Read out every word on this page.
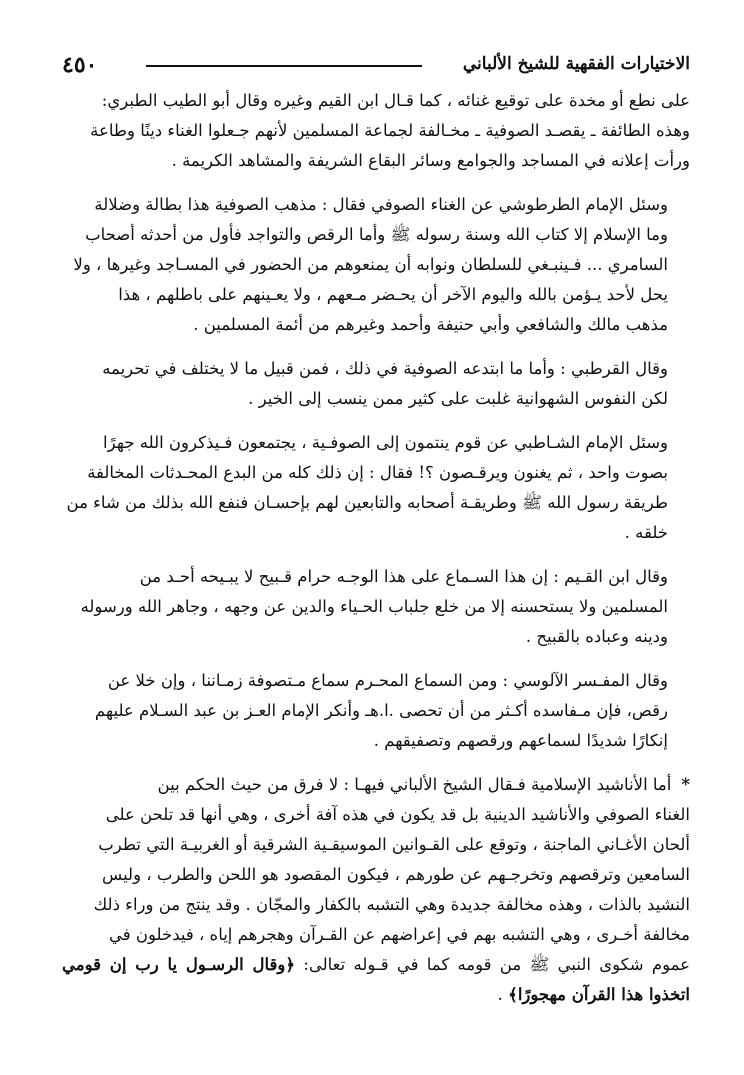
٤٥٠	الاختيارات الفقهية للشيخ الألباني
على نطع أو مخدة على توقيع غنائه ، كما قـال ابن القيم وغيره وقال أبو الطيب الطبري:
وهذه الطائفة ـ يقصـد الصوفية ـ مخـالفة لجماعة المسلمين لأنهم جـعلوا الغناء دينًا وطاعة
ورأت إعلانه في المساجد والجوامع وسائر البقاع الشريفة والمشاهد الكريمة .
وسئل الإمام الطرطوشي عن الغناء الصوفي فقال : مذهب الصوفية هذا بطالة وضلالة
وما الإسلام إلا كتاب الله وسنة رسوله ﷺ وأما الرقص والتواجد فأول من أحدثه أصحاب
السامري ... فـينبـغي للسلطان ونوابه أن يمنعوهم من الحضور في المسـاجد وغيرها ، ولا
يحل لأحد يـؤمن بالله واليوم الآخر أن يحـضر مـعهم ، ولا يعـينهم على باطلهم ، هذا
مذهب مالك والشافعي وأبي حنيفة وأحمد وغيرهم من أئمة المسلمين .
وقال القرطبي : وأما ما ابتدعه الصوفية في ذلك ، فمن قبيل ما لا يختلف في تحريمه
لكن النفوس الشهوانية غلبت على كثير ممن ينسب إلى الخير .
وسئل الإمام الشـاطبي عن قوم ينتمون إلى الصوفـية ، يجتمعون فـيذكرون الله جهرًا
بصوت واحد ، ثم يغنون ويرقـصون ؟! فقال : إن ذلك كله من البدع المحـدثات المخالفة
طريقة رسول الله ﷺ وطريقـة أصحابه والتابعين لهم بإحسـان فنفع الله بذلك من شاء من
خلقه .
وقال ابن القـيم : إن هذا السـماع على هذا الوجـه حرام قـبيح لا يبـيحه أحـد من
المسلمين ولا يستحسنه إلا من خلع جلباب الحـياء والدين عن وجهه ، وجاهر الله ورسوله
ودينه وعباده بالقبيح .
وقال المفـسر الآلوسي : ومن السماع المحـرم سماع مـتصوفة زمـاننا ، وإن خلا عن
رقص، فإن مـفاسده أكـثر من أن تحصى .ا.هـ وأنكر الإمام العـز بن عبد السـلام عليهم
إنكارًا شديدًا لسماعهم ورقصهم وتصفيقهم .
*أما الأناشيد الإسلامية فـقال الشيخ الألباني فيهـا : لا فرق من حيث الحكم بين
الغناء الصوفي والأناشيد الدينية بل قد يكون في هذه آفة أخرى ، وهي أنها قد تلحن على
ألحان الأغـاني الماجنة ، وتوقع على القـوانين الموسيقـية الشرقية أو الغربيـة التي تطرب
السامعين وترقصهم وتخرجـهم عن طورهم ، فيكون المقصود هو اللحن والطرب ، وليس
النشيد بالذات ، وهذه مخالفة جديدة وهي التشبه بالكفار والمجّان . وقد ينتج من وراء ذلك
مخالفة أخـرى ، وهي التشبه بهم في إعراضهم عن القـرآن وهجرهم إياه ، فيدخلون في
عموم شكوى النبي ﷺ من قومه كما في قـوله تعالى: ﴿وقال الرسـول يا رب إن قومي اتخذوا هذا القرآن مهجورًا﴾ .
